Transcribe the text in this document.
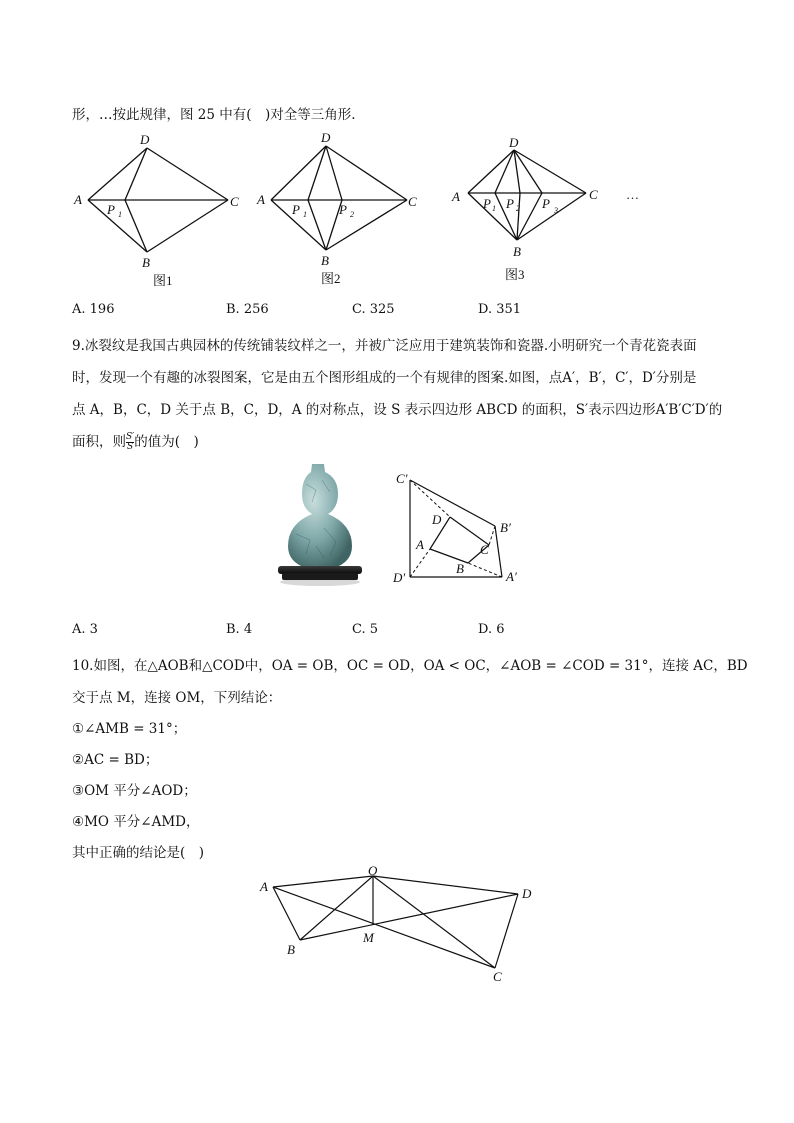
形，…按此规律，图 25 中有(　)对全等三角形.
D
A	C
B
P 1
图1
D
A	C
B
P 1 P 2
图2
D
A	C
B
P 1 P 2 P 3
…
图3
A. 196	B. 256	C. 325	D. 351
9.冰裂纹是我国古典园林的传统铺装纹样之一，并被广泛应用于建筑装饰和瓷器.小明研究一个青花瓷表面
时，发现一个有趣的冰裂图案，它是由五个图形组成的一个有规律的图案.如图，点A′，B′，C′，D′分别是
点 A，B，C，D 关于点 B，C，D，A 的对称点，设 S 表示四边形 ABCD 的面积，S′表示四边形A′B′C′D′的
面积，则 $\frac{S'}{S}$ 的值为(　)
C′
B′
A′
D′
D
A	C
B
A. 3	B. 4	C. 5	D. 6
10.如图，在△AOB和△COD中，OA = OB，OC = OD，OA < OC，∠AOB = ∠COD = 31°，连接 AC，BD
交于点 M，连接 OM，下列结论：
①∠AMB = 31°；
②AC = BD；
③OM 平分∠AOD；
④MO 平分∠AMD，
其中正确的结论是(　)
A
O
D
B
M
C
